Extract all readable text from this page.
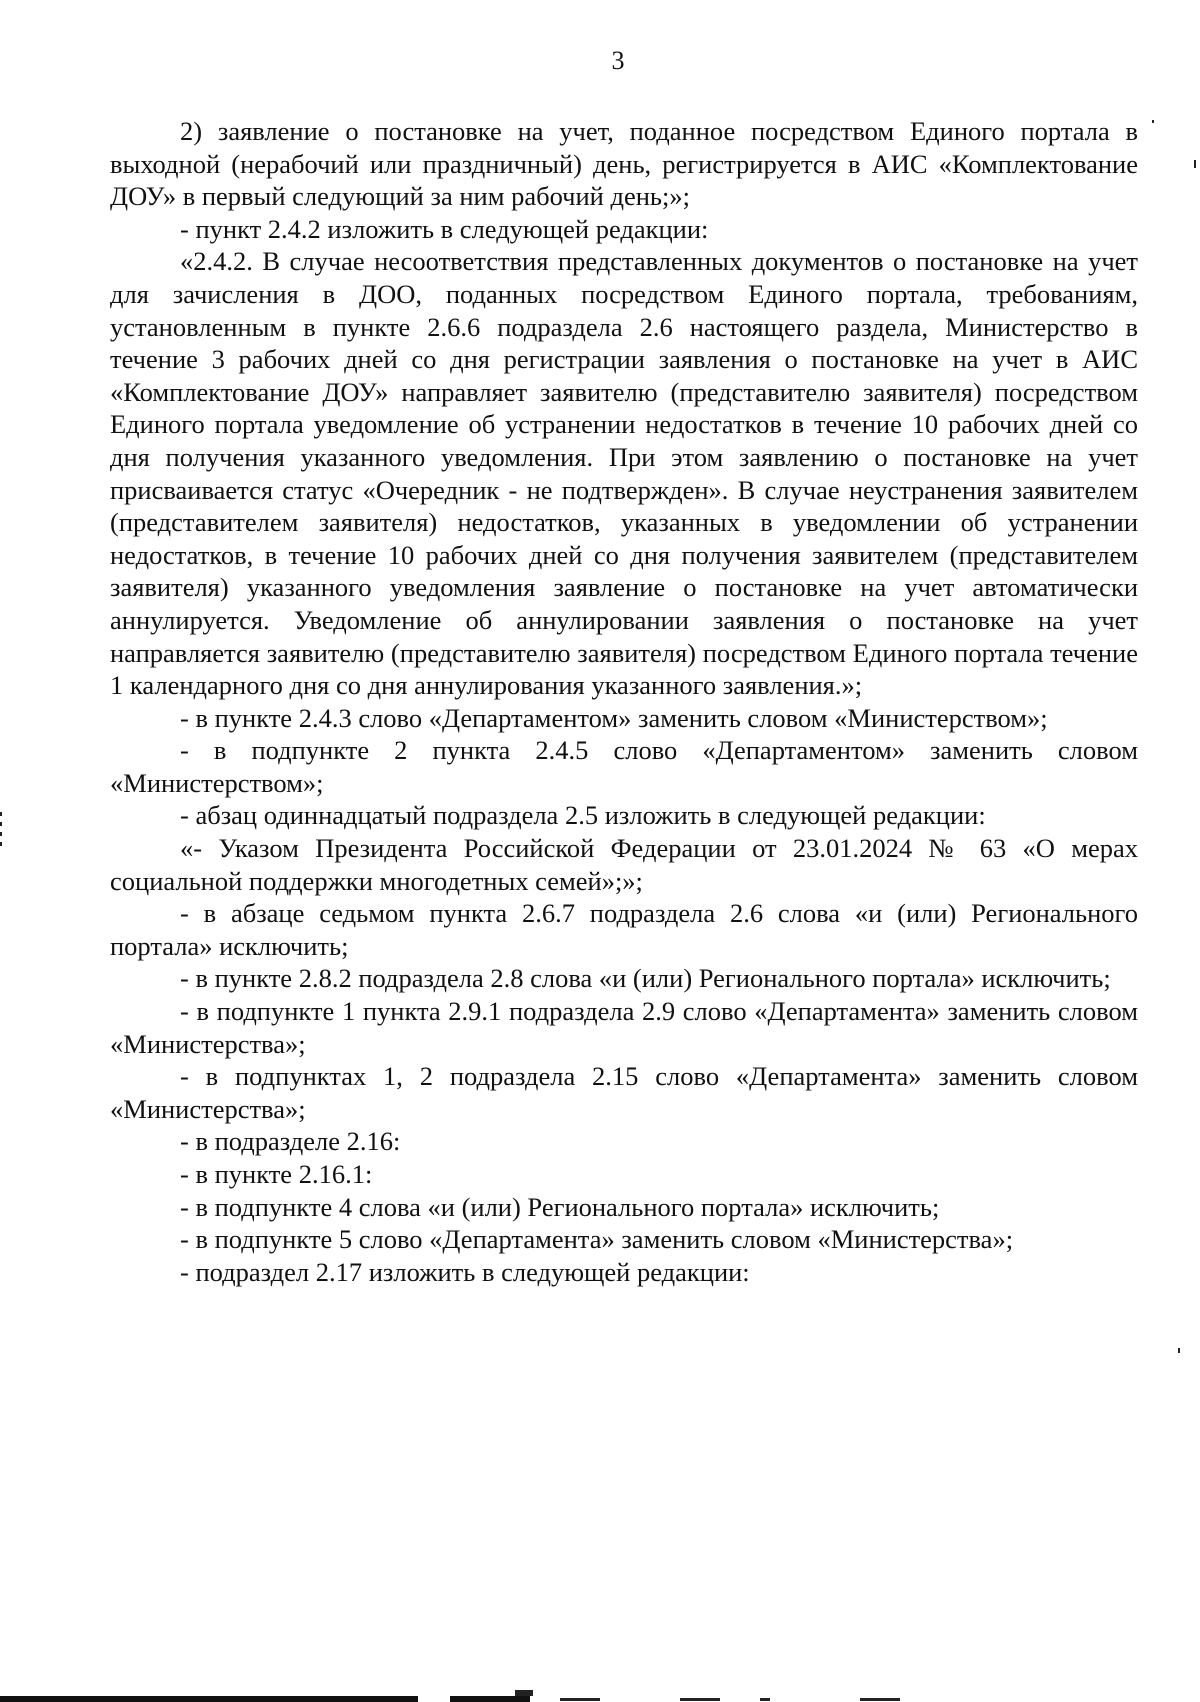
3

2) заявление о постановке на учет, поданное посредством Единого портала в выходной (нерабочий или праздничный) день, регистрируется в АИС «Комплектование ДОУ» в первый следующий за ним рабочий день;»;

- пункт 2.4.2 изложить в следующей редакции:

«2.4.2. В случае несоответствия представленных документов о постановке на учет для зачисления в ДОО, поданных посредством Единого портала, требованиям, установленным в пункте 2.6.6 подраздела 2.6 настоящего раздела, Министерство в течение 3 рабочих дней со дня регистрации заявления о постановке на учет в АИС «Комплектование ДОУ» направляет заявителю (представителю заявителя) посредством Единого портала уведомление об устранении недостатков в течение 10 рабочих дней со дня получения указанного уведомления. При этом заявлению о постановке на учет присваивается статус «Очередник - не подтвержден». В случае неустранения заявителем (представителем заявителя) недостатков, указанных в уведомлении об устранении недостатков, в течение 10 рабочих дней со дня получения заявителем (представителем заявителя) указанного уведомления заявление о постановке на учет автоматически аннулируется. Уведомление об аннулировании заявления о постановке на учет направляется заявителю (представителю заявителя) посредством Единого портала течение 1 календарного дня со дня аннулирования указанного заявления.»;

- в пункте 2.4.3 слово «Департаментом» заменить словом «Министерством»;

- в подпункте 2 пункта 2.4.5 слово «Департаментом» заменить словом «Министерством»;

- абзац одиннадцатый подраздела 2.5 изложить в следующей редакции:

«- Указом Президента Российской Федерации от 23.01.2024 № 63 «О мерах социальной поддержки многодетных семей»;»;

- в абзаце седьмом пункта 2.6.7 подраздела 2.6 слова «и (или) Регионального портала» исключить;

- в пункте 2.8.2 подраздела 2.8 слова «и (или) Регионального портала» исключить;

- в подпункте 1 пункта 2.9.1 подраздела 2.9 слово «Департамента» заменить словом «Министерства»;

- в подпунктах 1, 2 подраздела 2.15 слово «Департамента» заменить словом «Министерства»;

- в подразделе 2.16:

- в пункте 2.16.1:

- в подпункте 4 слова «и (или) Регионального портала» исключить;

- в подпункте 5 слово «Департамента» заменить словом «Министерства»;

- подраздел 2.17 изложить в следующей редакции:
